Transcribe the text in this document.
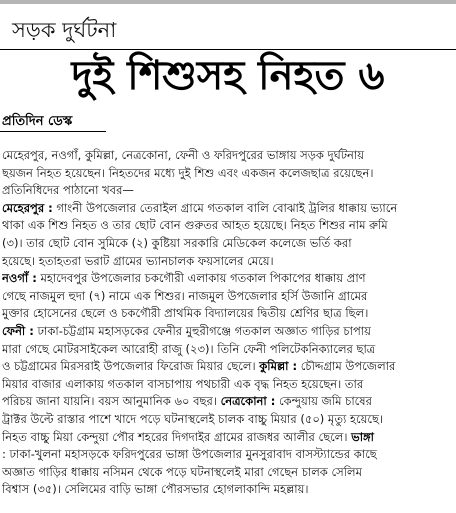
সড়ক দুর্ঘটনা
দুই শিশুসহ নিহত ৬
প্রতিদিন ডেস্ক
মেহেরপুর, নওগাঁ, কুমিল্লা, নেত্রকোনা, ফেনী ও ফরিদপুরের ভাঙ্গায় সড়ক দুর্ঘটনায়
ছয়জন নিহত হয়েছেন। নিহতদের মধ্যে দুই শিশু এবং একজন কলেজছাত্র রয়েছেন।
প্রতিনিধিদের পাঠানো খবর—
মেহেরপুর : গাংনী উপজেলার তেরাইল গ্রামে গতকাল বালি বোঝাই ট্রলির ধাক্কায় ভ্যানে
থাকা এক শিশু নিহত ও তার ছোট বোন গুরুতর আহত হয়েছে। নিহত শিশুর নাম রুমি
(৩)। তার ছোট বোন সুমিকে (২) কুষ্টিয়া সরকারি মেডিকেল কলেজে ভর্তি করা
হয়েছে। হতাহতরা ভরাট গ্রামের ভ্যানচালক ফয়সালের মেয়ে।
নওগাঁ : মহাদেবপুর উপজেলার চকগৌরী এলাকায় গতকাল পিকাপের ধাক্কায় প্রাণ
গেছে নাজমুল হুদা (৭) নামে এক শিশুর। নাজমুল উপজেলার হর্সি উজানি গ্রামের
মুক্তার হোসেনের ছেলে ও চকগৌরী প্রাথমিক বিদ্যালয়ের দ্বিতীয় শ্রেণির ছাত্র ছিল।
ফেনী : ঢাকা-চট্টগ্রাম মহাসড়কের ফেনীর মুহুরীগঞ্জে গতকাল অজ্ঞাত গাড়ির চাপায়
মারা গেছে মোটরসাইকেল আরোহী রাজু (২৩)। তিনি ফেনী পলিটেকনিক্যালের ছাত্র
ও চট্টগ্রামের মিরসরাই উপজেলার ফিরোজ মিয়ার ছেলে। কুমিল্লা : চৌদ্দগ্রাম উপজেলার
মিয়ার বাজার এলাকায় গতকাল বাসচাপায় পথচারী এক বৃদ্ধ নিহত হয়েছেন। তার
পরিচয় জানা যায়নি। বয়স আনুমানিক ৬০ বছর। নেত্রকোনা : কেন্দুয়ায় জমি চাষের
ট্রাক্টর উল্টে রাস্তার পাশে খাদে পড়ে ঘটনাস্থলেই চালক বাচ্চু মিয়ার (৫০) মৃত্যু হয়েছে।
নিহত বাচ্চু মিয়া কেন্দুয়া পৌর শহরের দিগদাইর গ্রামের রাজধর আলীর ছেলে। ভাঙ্গা
: ঢাকা-খুলনা মহাসড়কে ফরিদপুরের ভাঙ্গা উপজেলার মুনসুরাবাদ বাসস্ট্যান্ডের কাছে
অজ্ঞাত গাড়ির ধাক্কায় নসিমন থেকে পড়ে ঘটনাস্থলেই মারা গেছেন চালক সেলিম
বিশ্বাস (৩৫)। সেলিমের বাড়ি ভাঙ্গা পৌরসভার হোগলাকান্দি মহল্লায়।
